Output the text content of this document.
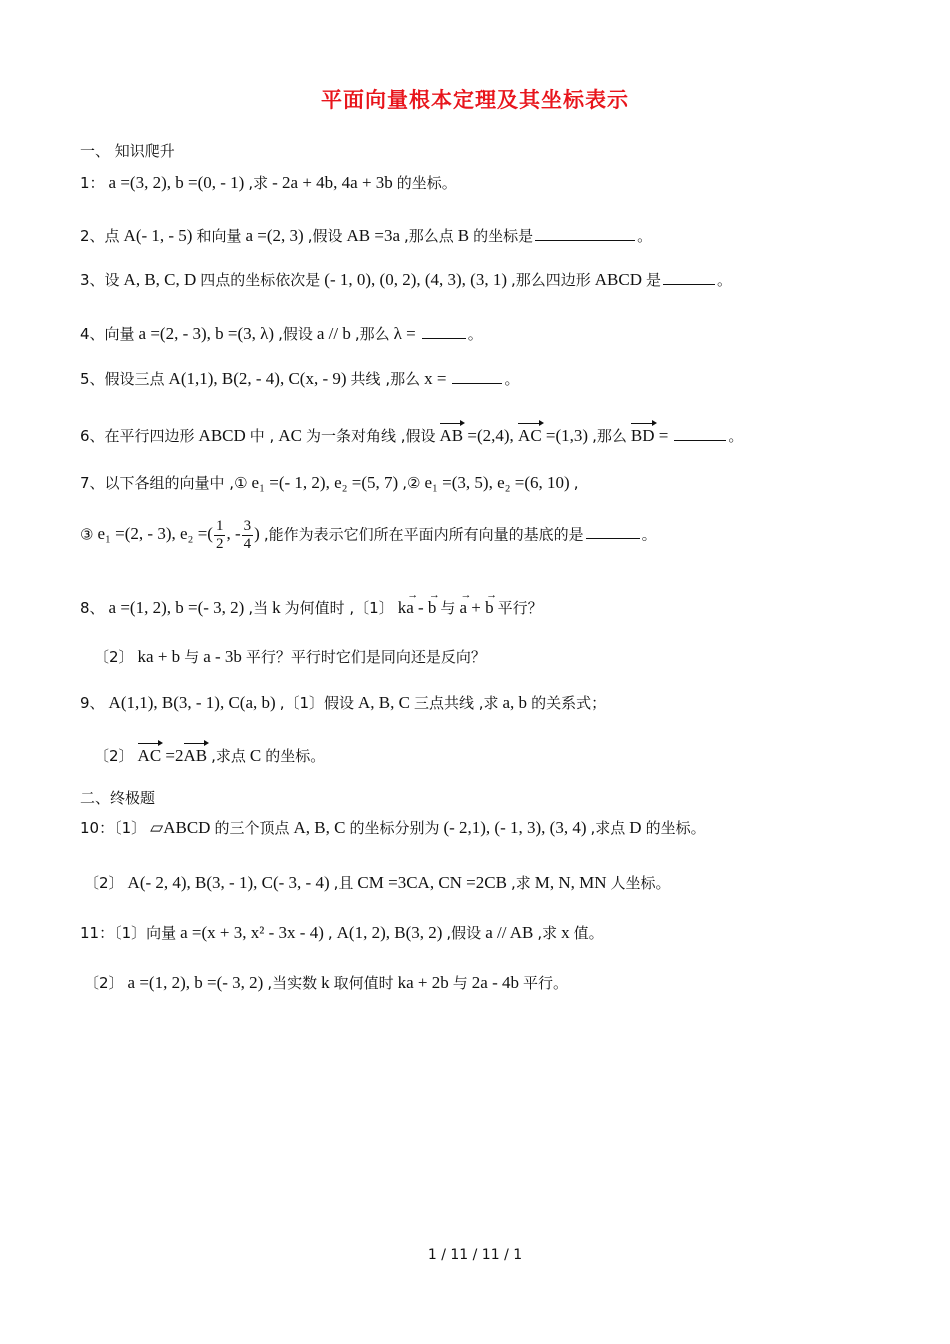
平面向量根本定理及其坐标表示
一、 知识爬升
1： a =(3, 2), b =(0, - 1) ,求 - 2a + 4b, 4a + 3b 的坐标。
2、点 A(- 1, - 5) 和向量 a =(2, 3) ,假设 AB =3a ,那么点 B 的坐标是	。
3、设 A, B, C, D 四点的坐标依次是 (- 1, 0), (0, 2), (4, 3), (3, 1) ,那么四边形 ABCD 是	。
4、向量 a =(2, - 3), b =(3, λ) ,假设 a // b ,那么 λ =	。
5、假设三点 A(1,1), B(2, - 4), C(x, - 9) 共线 ,那么 x =	。
6、在平行四边形 ABCD 中 , AC 为一条对角线 ,假设 AB =(2,4), AC =(1,3) ,那么 BD =	。
7、以下各组的向量中 ,① e₁ =(- 1, 2), e₂ =(5, 7) ,② e₁ =(3, 5), e₂ =(6, 10) ,
③ e₁ =(2, - 3), e₂ =( $\frac{1}{2}$ , - $\frac{3}{4}$ ) ,能作为表示它们所在平面内所有向量的基底的是	。
8、 a =(1, 2), b =(- 3, 2) ,当 k 为何值时 ,〔1〕 ka → - b → 与 a → + b → 平行？
〔2〕 ka + b 与 a - 3b 平行？平行时它们是同向还是反向？
9、 A(1,1), B(3, - 1), C(a, b) ,〔1〕假设 A, B, C 三点共线 ,求 a, b 的关系式；
〔2〕 AC =2AB ,求点 C 的坐标。
二、终极题
10：〔1〕 ▱ABCD 的三个顶点 A, B, C 的坐标分别为 (- 2,1), (- 1, 3), (3, 4) ,求点 D 的坐标。
〔2〕 A(- 2, 4), B(3, - 1), C(- 3, - 4) ,且 CM =3CA, CN =2CB ,求 M, N, MN 人坐标。
11：〔1〕向量 a =(x + 3, x² - 3x - 4) , A(1, 2), B(3, 2) ,假设 a // AB ,求 x 值。
〔2〕 a =(1, 2), b =(- 3, 2) ,当实数 k 取何值时 ka + 2b 与 2a - 4b 平行。
1 / 11 / 11 / 1
